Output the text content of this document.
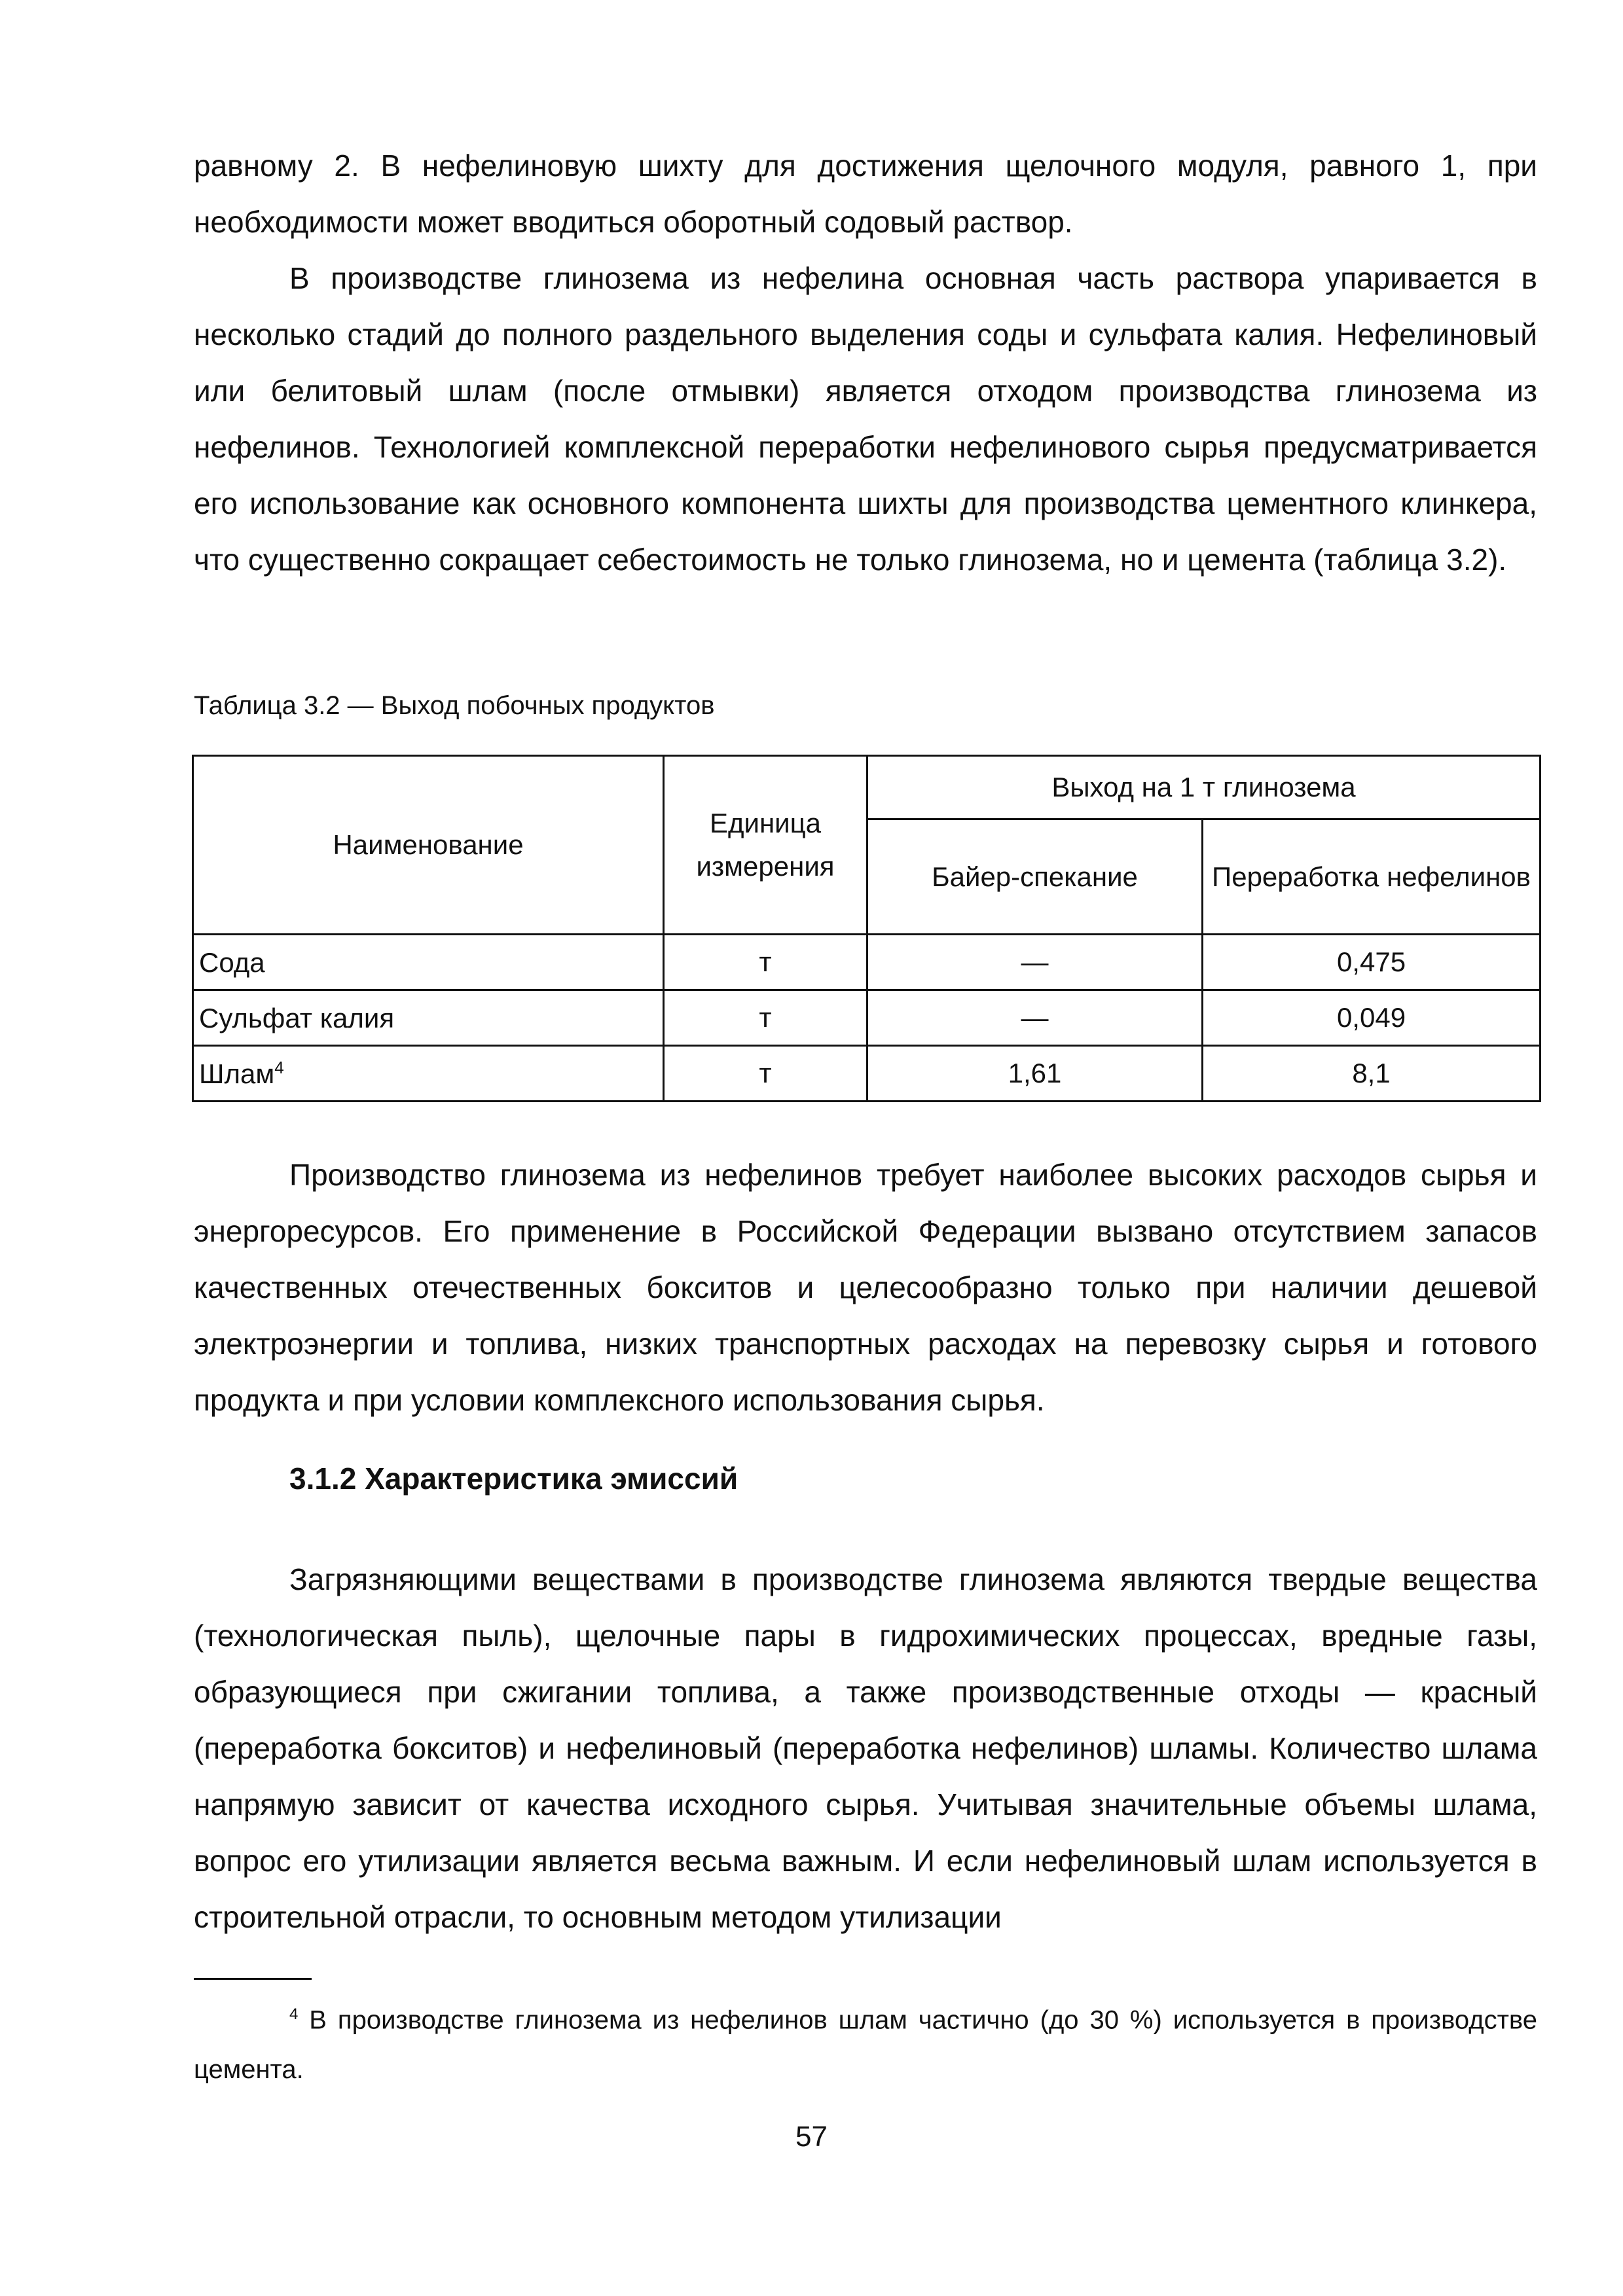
равному 2. В нефелиновую шихту для достижения щелочного модуля, равного 1, при необходимости может вводиться оборотный содовый раствор.

В производстве глинозема из нефелина основная часть раствора упаривается в несколько стадий до полного раздельного выделения соды и сульфата калия. Нефелиновый или белитовый шлам (после отмывки) является отходом производства глинозема из нефелинов. Технологией комплексной переработки нефелинового сырья предусматривается его использование как основного компонента шихты для производства цементного клинкера, что существенно сокращает себестоимость не только глинозема, но и цемента (таблица 3.2).

Таблица 3.2 — Выход побочных продуктов
Наименование	Единица измерения	Выход на 1 т глинозема	
		Байер-спекание	Переработка нефелинов
Сода	т	—	0,475
Сульфат калия	т	—	0,049
Шлам$^4$	т	1,61	8,1

Производство глинозема из нефелинов требует наиболее высоких расходов сырья и энергоресурсов. Его применение в Российской Федерации вызвано отсутствием запасов качественных отечественных бокситов и целесообразно только при наличии дешевой электроэнергии и топлива, низких транспортных расходах на перевозку сырья и готового продукта и при условии комплексного использования сырья.

3.1.2 Характеристика эмиссий

Загрязняющими веществами в производстве глинозема являются твердые вещества (технологическая пыль), щелочные пары в гидрохимических процессах, вредные газы, образующиеся при сжигании топлива, а также производственные отходы — красный (переработка бокситов) и нефелиновый (переработка нефелинов) шламы. Количество шлама напрямую зависит от качества исходного сырья. Учитывая значительные объемы шлама, вопрос его утилизации является весьма важным. И если нефелиновый шлам используется в строительной отрасли, то основным методом утилизации

$^4$ В производстве глинозема из нефелинов шлам частично (до 30 %) используется в производстве цемента.

57
